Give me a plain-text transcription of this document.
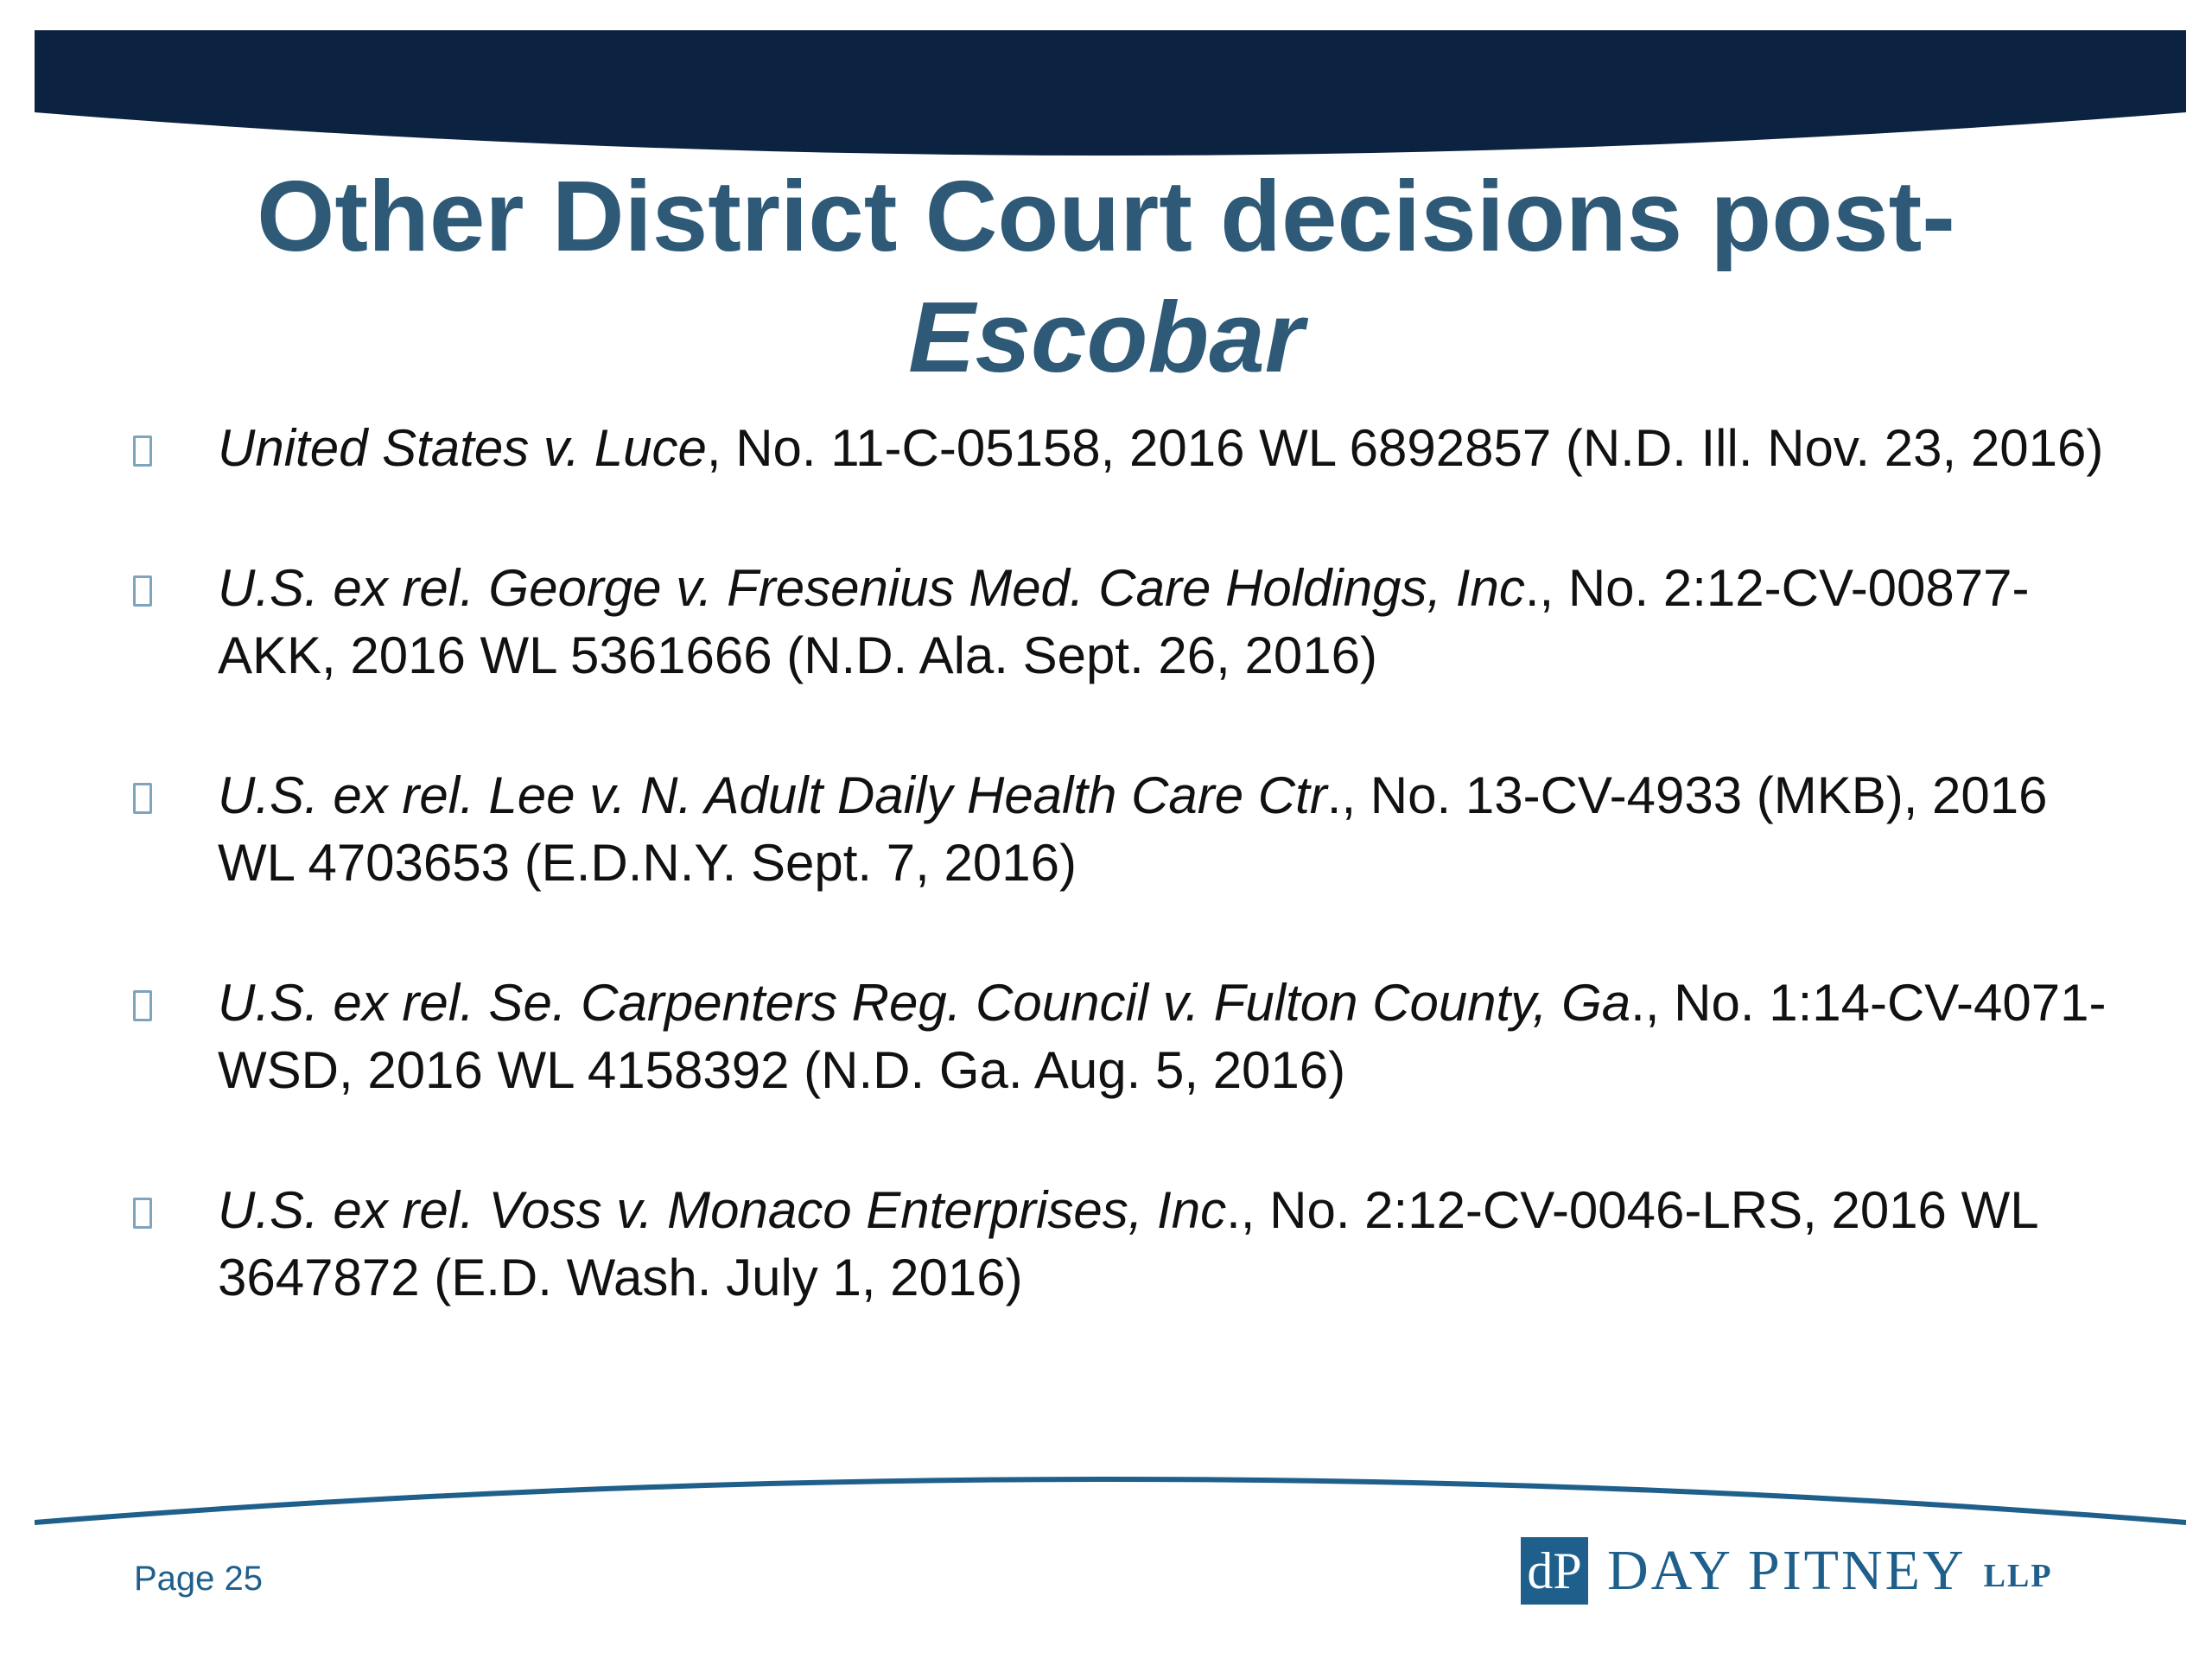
Other District Court decisions post-
Escobar
United States v. Luce, No. 11-C-05158, 2016 WL 6892857 (N.D. Ill. Nov. 23, 2016)
U.S. ex rel. George v. Fresenius Med. Care Holdings, Inc., No. 2:12-CV-00877-AKK, 2016 WL 5361666 (N.D. Ala. Sept. 26, 2016)
U.S. ex rel. Lee v. N. Adult Daily Health Care Ctr., No. 13-CV-4933 (MKB), 2016 WL 4703653 (E.D.N.Y. Sept. 7, 2016)
U.S. ex rel. Se. Carpenters Reg. Council v. Fulton County, Ga., No. 1:14-CV-4071-WSD, 2016 WL 4158392 (N.D. Ga. Aug. 5, 2016)
U.S. ex rel. Voss v. Monaco Enterprises, Inc., No. 2:12-CV-0046-LRS, 2016 WL 3647872 (E.D. Wash. July 1, 2016)
Page 25	dP DAY PITNEY LLP
